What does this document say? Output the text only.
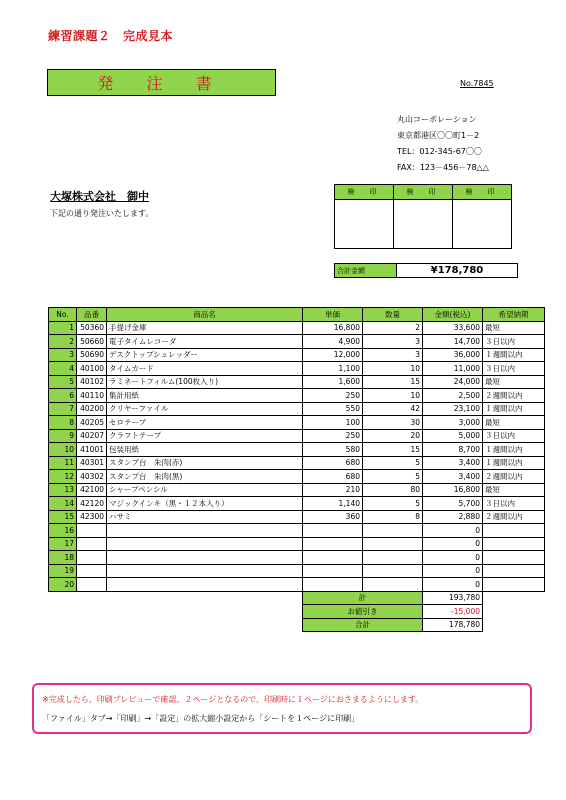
練習課題２　完成見本
発 注 書	No.7845
丸山コーポレーション
東京都港区〇〇町1－2
TEL：012-345-67〇〇
FAX：123－456－78△△
大塚株式会社　御中
下記の通り発注いたします。
検　印	検　印	検　印

合計金額	¥178,780
No.	品番	商品名	単価	数量	金額(税込)	希望納期
1	50360	手提げ金庫	16,800	2	33,600	最短
2	50660	電子タイムレコーダ	4,900	3	14,700	３日以内
3	50690	デスクトップシュレッダー	12,000	3	36,000	１週間以内
4	40100	タイムカード	1,100	10	11,000	３日以内
5	40102	ラミネートフィルム(100枚入り)	1,600	15	24,000	最短
6	40110	集計用紙	250	10	2,500	２週間以内
7	40200	クリヤーファイル	550	42	23,100	１週間以内
8	40205	セロテープ	100	30	3,000	最短
9	40207	クラフトテープ	250	20	5,000	３日以内
10	41001	包装用紙	580	15	8,700	１週間以内
11	40301	スタンプ台　朱肉(赤)	680	5	3,400	１週間以内
12	40302	スタンプ台　朱肉(黒)	680	5	3,400	２週間以内
13	42100	シャープペンシル	210	80	16,800	最短
14	42120	マジックインキ（黒・１２本入り）	1,140	5	5,700	３日以内
15	42300	ハサミ	360	8	2,880	２週間以内
16					0	
17					0	
18					0	
19					0	
20					0	
			計		193,780	
			お値引き		-15,000	
			合計		178,780	
※完成したら、印刷プレビューで確認、２ページとなるので、印刷時に１ページにおさまるようにします。
「ファイル」タブ→「印刷」→「設定」の拡大縮小設定から「シートを１ページに印刷」
